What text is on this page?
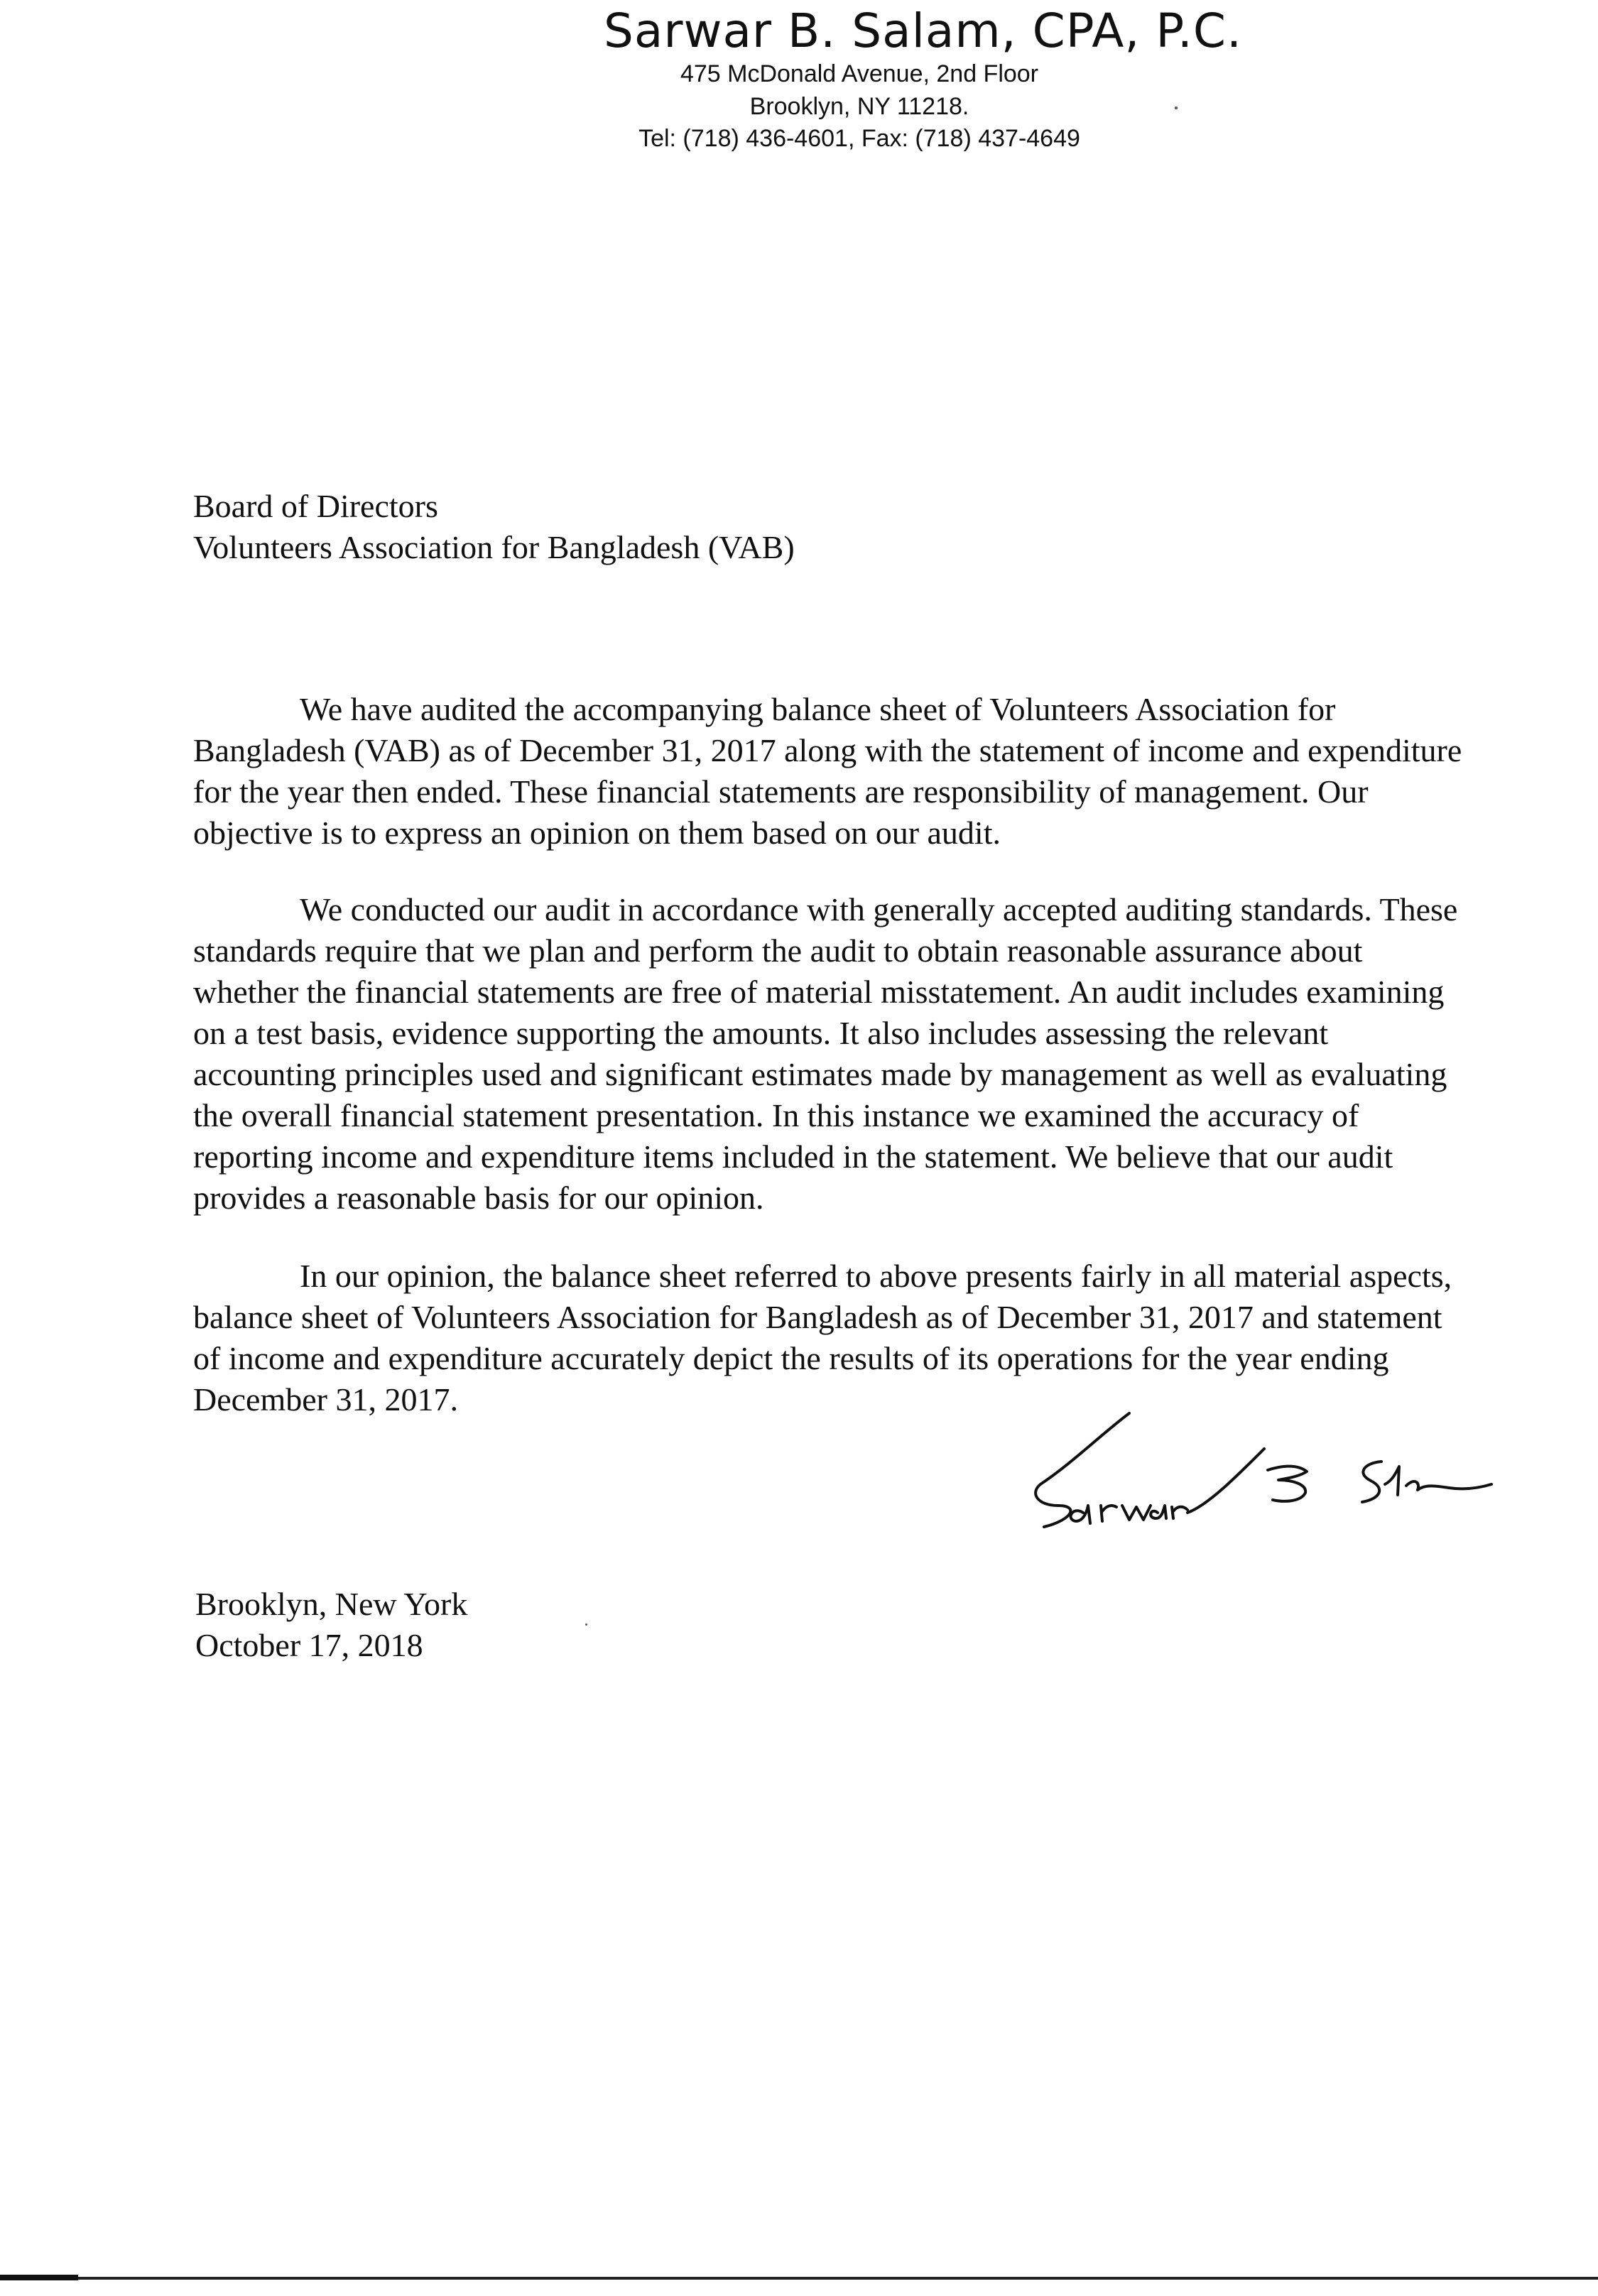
Sarwar B. Salam, CPA, P.C.
475 McDonald Avenue, 2nd Floor
Brooklyn, NY 11218.
Tel: (718) 436-4601, Fax: (718) 437-4649
Board of Directors
Volunteers Association for Bangladesh (VAB)
We have audited the accompanying balance sheet of Volunteers Association for
Bangladesh (VAB) as of December 31, 2017 along with the statement of income and expenditure
for the year then ended. These financial statements are responsibility of management. Our
objective is to express an opinion on them based on our audit.
We conducted our audit in accordance with generally accepted auditing standards. These
standards require that we plan and perform the audit to obtain reasonable assurance about
whether the financial statements are free of material misstatement. An audit includes examining
on a test basis, evidence supporting the amounts. It also includes assessing the relevant
accounting principles used and significant estimates made by management as well as evaluating
the overall financial statement presentation. In this instance we examined the accuracy of
reporting income and expenditure items included in the statement. We believe that our audit
provides a reasonable basis for our opinion.
In our opinion, the balance sheet referred to above presents fairly in all material aspects,
balance sheet of Volunteers Association for Bangladesh as of December 31, 2017 and statement
of income and expenditure accurately depict the results of its operations for the year ending
December 31, 2017.
Brooklyn, New York
October 17, 2018
